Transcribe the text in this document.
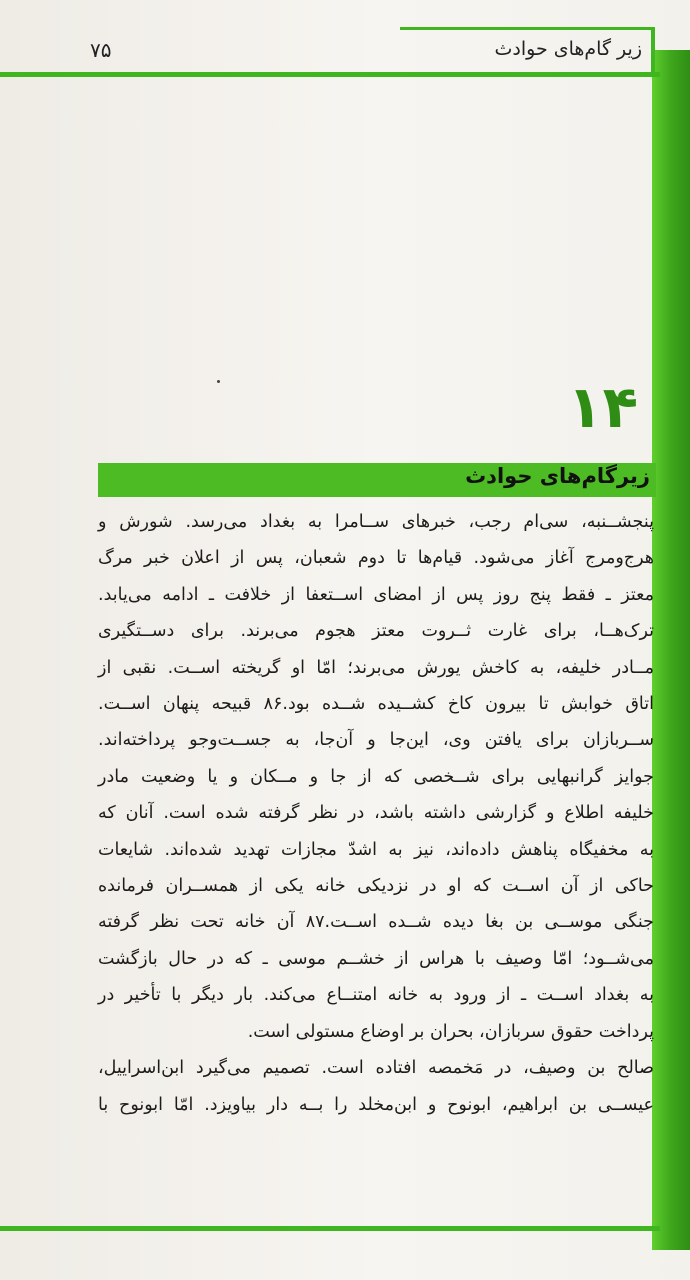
زیر گام‌های حوادث
۷۵
۱۴
زیرگام‌های حوادث
پنجشــنبه، سی‌ام رجب، خبرهای ســامرا به بغداد می‌رسد. شورش و
هرج‌ومرج آغاز می‌شود. قیام‌ها تا دوم شعبان، پس از اعلان خبر مرگ
معتز ـ فقط پنج روز پس از امضای اســتعفا از خلافت ـ ادامه می‌یابد.
ترک‌هــا، برای غارت ثــروت معتز هجوم می‌برند. برای دســتگیری
مــادر خلیفه، به کاخش یورش می‌برند؛ امّا او گریخته اســت. نقبی از
اتاق خوابش تا بیرون کاخ کشــیده شــده بود.۸۶ قبیحه پنهان اســت.
ســربازان برای یافتن وی، این‌جا و آن‌جا، به جســت‌وجو پرداخته‌اند.
جوایز گرانبهایی برای شــخصی که از جا و مــکان و یا وضعیت مادر
خلیفه اطلاع و گزارشی داشته باشد، در نظر گرفته شده است. آنان که
به مخفیگاه پناهش داده‌اند، نیز به اشدّ مجازات تهدید شده‌اند. شایعات
حاکی از آن اســت که او در نزدیکی خانه یکی از همســران فرمانده
جنگی موســی بن بغا دیده شــده اســت.۸۷ آن خانه تحت نظر گرفته
می‌شــود؛ امّا وصیف با هراس از خشــم موسی ـ که در حال بازگشت
به بغداد اســت ـ از ورود به خانه امتنــاع می‌کند. بار دیگر با تأخیر در
پرداخت حقوق سربازان، بحران بر اوضاع مستولی است.
صالح بن وصیف، در مَخمصه افتاده است. تصمیم می‌گیرد ابن‌اسراییل،
عیســی بن ابراهیم، ابونوح و ابن‌مخلد را بــه دار بیاویزد. امّا ابونوح با
